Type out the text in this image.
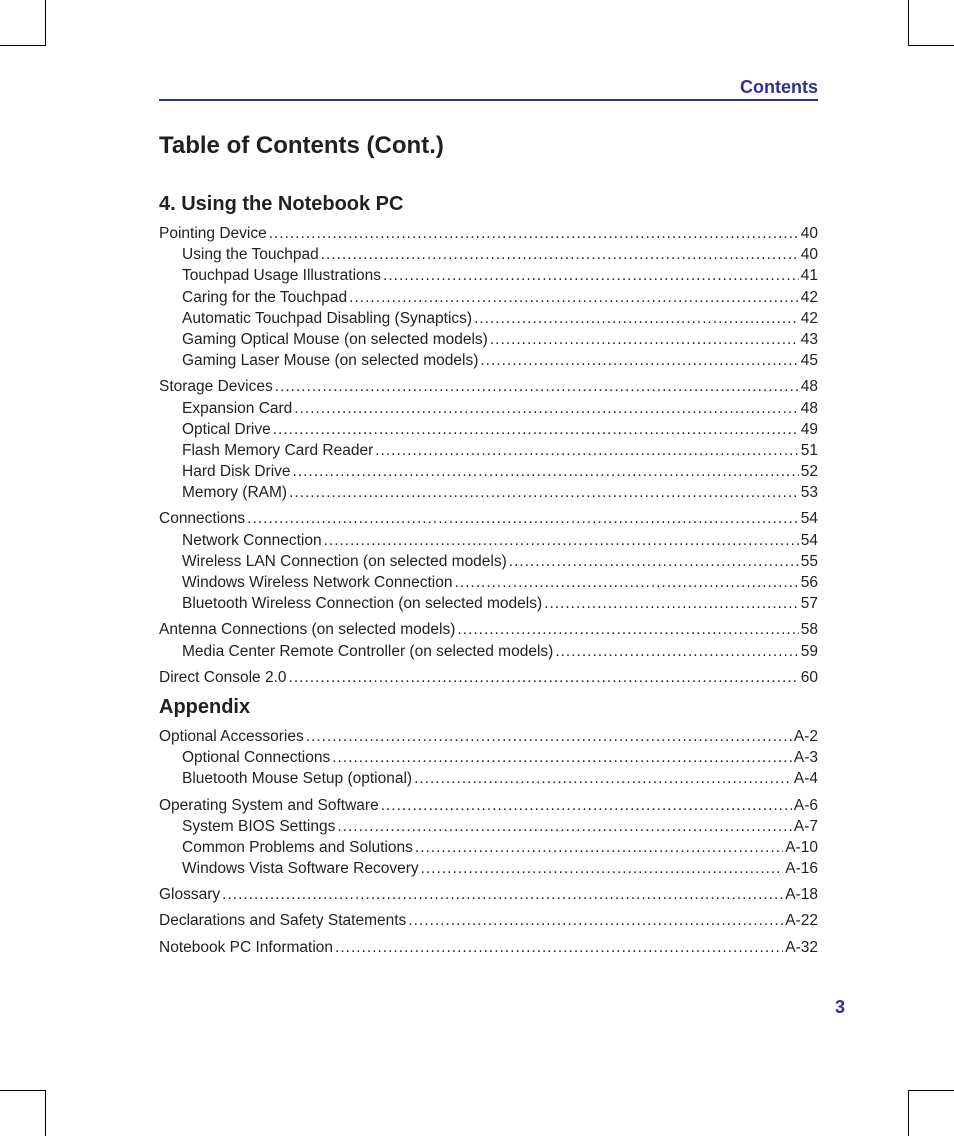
Contents
Table of Contents (Cont.)
4. Using the Notebook PC
Pointing Device .....	40
Using the Touchpad .....	40
Touchpad Usage Illustrations .....	41
Caring for the Touchpad .....	42
Automatic Touchpad Disabling (Synaptics) .....	42
Gaming Optical Mouse (on selected models) .....	43
Gaming Laser Mouse (on selected models) .....	45
Storage Devices .....	48
Expansion Card .....	48
Optical Drive .....	49
Flash Memory Card Reader .....	51
Hard Disk Drive .....	52
Memory (RAM) .....	53
Connections .....	54
Network Connection .....	54
Wireless LAN Connection (on selected models) .....	55
Windows Wireless Network Connection .....	56
Bluetooth Wireless Connection (on selected models) .....	57
Antenna Connections (on selected models) .....	58
Media Center Remote Controller (on selected models) .....	59
Direct Console 2.0 .....	60
Appendix
Optional Accessories .....	A-2
Optional Connections .....	A-3
Bluetooth Mouse Setup (optional) .....	A-4
Operating System and Software .....	A-6
System BIOS Settings .....	A-7
Common Problems and Solutions .....	A-10
Windows Vista Software Recovery .....	A-16
Glossary .....	A-18
Declarations and Safety Statements .....	A-22
Notebook PC Information .....	A-32
3
